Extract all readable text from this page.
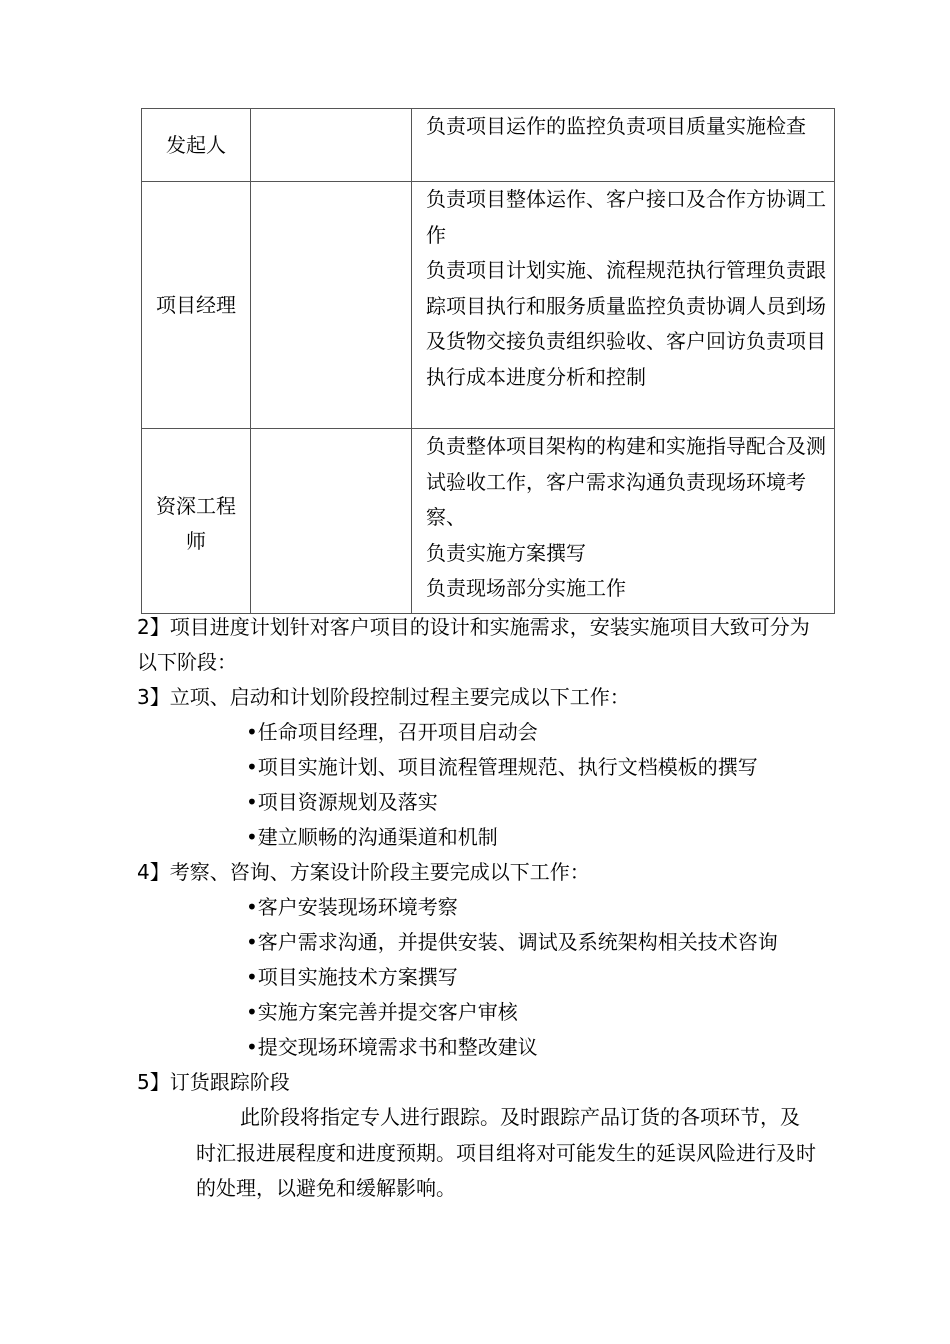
发起人		负责项目运作的监控负责项目质量实施检查

项目经理		负责项目整体运作、客户接口及合作方协调工作
负责项目计划实施、流程规范执行管理负责跟踪项目执行和服务质量监控负责协调人员到场及货物交接负责组织验收、客户回访负责项目执行成本进度分析和控制

资深工程师		负责整体项目架构的构建和实施指导配合及测试验收工作，客户需求沟通负责现场环境考察、
负责实施方案撰写
负责现场部分实施工作
2】项目进度计划针对客户项目的设计和实施需求，安装实施项目大致可分为以下阶段：
3】立项、启动和计划阶段控制过程主要完成以下工作：
•任命项目经理，召开项目启动会
•项目实施计划、项目流程管理规范、执行文档模板的撰写
•项目资源规划及落实
•建立顺畅的沟通渠道和机制
4】考察、咨询、方案设计阶段主要完成以下工作：
•客户安装现场环境考察
•客户需求沟通，并提供安装、调试及系统架构相关技术咨询
•项目实施技术方案撰写
•实施方案完善并提交客户审核
•提交现场环境需求书和整改建议
5】订货跟踪阶段
此阶段将指定专人进行跟踪。及时跟踪产品订货的各项环节，及时汇报进展程度和进度预期。项目组将对可能发生的延误风险进行及时的处理，以避免和缓解影响。
